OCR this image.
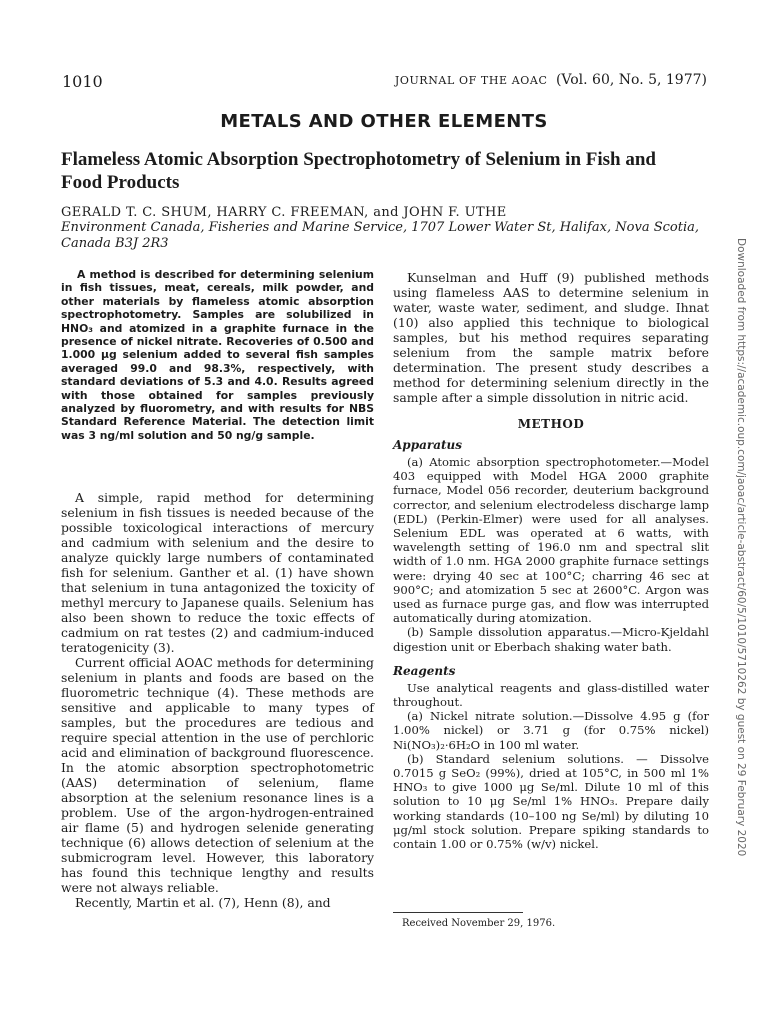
1010	JOURNAL OF THE AOAC (Vol. 60, No. 5, 1977)
METALS AND OTHER ELEMENTS
Flameless Atomic Absorption Spectrophotometry of Selenium in Fish and Food Products
GERALD T. C. SHUM, HARRY C. FREEMAN, and JOHN F. UTHE
Environment Canada, Fisheries and Marine Service, 1707 Lower Water St, Halifax, Nova Scotia, Canada B3J 2R3	Downloaded from https://academic.oup.com/jaoac/article-abstract/60/5/1010/5710262 by guest on 29 February 2020
A method is described for determining selenium in fish tissues, meat, cereals, milk powder, and other materials by flameless atomic absorption spectrophotometry. Samples are solubilized in HNO₃ and atomized in a graphite furnace in the presence of nickel nitrate. Recoveries of 0.500 and 1.000 μg selenium added to several fish samples averaged 99.0 and 98.3%, respectively, with standard deviations of 5.3 and 4.0. Results agreed with those obtained for samples previously analyzed by fluorometry, and with results for NBS Standard Reference Material. The detection limit was 3 ng/ml solution and 50 ng/g sample.

A simple, rapid method for determining selenium in fish tissues is needed because of the possible toxicological interactions of mercury and cadmium with selenium and the desire to analyze quickly large numbers of contaminated fish for selenium. Ganther et al. (1) have shown that selenium in tuna antagonized the toxicity of methyl mercury to Japanese quails. Selenium has also been shown to reduce the toxic effects of cadmium on rat testes (2) and cadmium-induced teratogenicity (3).

Current official AOAC methods for determining selenium in plants and foods are based on the fluorometric technique (4). These methods are sensitive and applicable to many types of samples, but the procedures are tedious and require special attention in the use of perchloric acid and elimination of background fluorescence. In the atomic absorption spectrophotometric (AAS) determination of selenium, flame absorption at the selenium resonance lines is a problem. Use of the argon-hydrogen-entrained air flame (5) and hydrogen selenide generating technique (6) allows detection of selenium at the submicrogram level. However, this laboratory has found this technique lengthy and results were not always reliable.

Recently, Martin et al. (7), Henn (8), and

Kunselman and Huff (9) published methods using flameless AAS to determine selenium in water, waste water, sediment, and sludge. Ihnat (10) also applied this technique to biological samples, but his method requires separating selenium from the sample matrix before determination. The present study describes a method for determining selenium directly in the sample after a simple dissolution in nitric acid.

METHOD
Apparatus

(a) Atomic absorption spectrophotometer.—Model 403 equipped with Model HGA 2000 graphite furnace, Model 056 recorder, deuterium background corrector, and selenium electrodeless discharge lamp (EDL) (Perkin-Elmer) were used for all analyses. Selenium EDL was operated at 6 watts, with wavelength setting of 196.0 nm and spectral slit width of 1.0 nm. HGA 2000 graphite furnace settings were: drying 40 sec at 100°C; charring 46 sec at 900°C; and atomization 5 sec at 2600°C. Argon was used as furnace purge gas, and flow was interrupted automatically during atomization.

(b) Sample dissolution apparatus.—Micro-Kjeldahl digestion unit or Eberbach shaking water bath.

Reagents

Use analytical reagents and glass-distilled water throughout.

(a) Nickel nitrate solution.—Dissolve 4.95 g (for 1.00% nickel) or 3.71 g (for 0.75% nickel) Ni(NO₃)₂·6H₂O in 100 ml water.

(b) Standard selenium solutions. — Dissolve 0.7015 g SeO₂ (99%), dried at 105°C, in 500 ml 1% HNO₃ to give 1000 μg Se/ml. Dilute 10 ml of this solution to 10 μg Se/ml 1% HNO₃. Prepare daily working standards (10–100 ng Se/ml) by diluting 10 μg/ml stock solution. Prepare spiking standards to contain 1.00 or 0.75% (w/v) nickel.

Received November 29, 1976.
